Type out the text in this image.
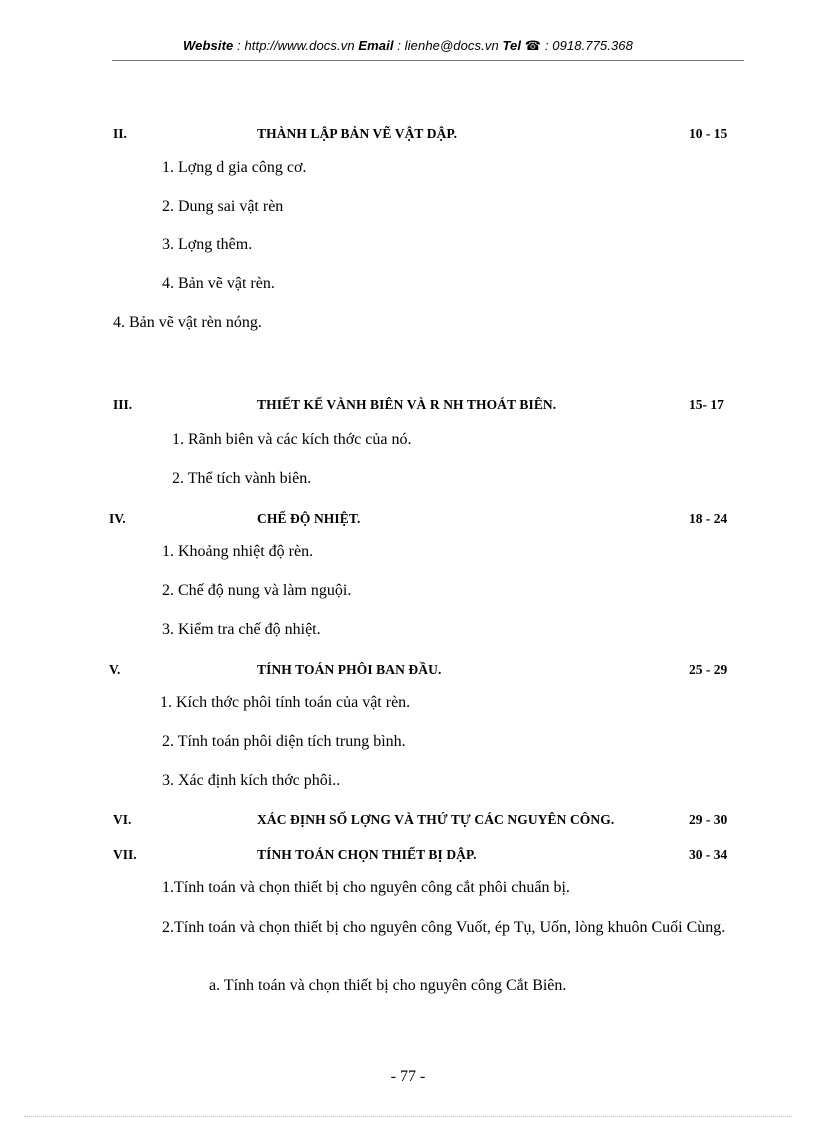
Website : http://www.docs.vn Email : lienhe@docs.vn Tel ☎ : 0918.775.368
II.	THÀNH LẬP BẢN VẼ VẬT DẬP.	10 - 15
1. Lợng d gia công cơ.
2. Dung sai vật rèn
3. Lợng thêm.
4. Bản vẽ vật rèn.
4. Bản vẽ vật rèn nóng.
III.	THIẾT KẾ VÀNH BIÊN VÀ R NH THOÁT BIÊN.	15- 17
1. Rãnh biên và các kích thớc của nó.
2. Thể tích vành biên.
IV.	CHẾ ĐỘ NHIỆT.	18 - 24
1. Khoảng nhiệt độ rèn.
2. Chế độ nung và làm nguội.
3. Kiểm tra chế độ nhiệt.
V.	TÍNH TOÁN PHÔI BAN ĐẦU.	25 - 29
1. Kích thớc phôi tính toán của vật rèn.
2. Tính toán phôi diện tích trung bình.
3. Xác định kích thớc phôi..
VI.	XÁC ĐỊNH SỐ LỢNG VÀ THỨ TỰ CÁC NGUYÊN CÔNG.	29 - 30
VII.	TÍNH TOÁN CHỌN THIẾT BỊ DẬP.	30 - 34
1.Tính toán và chọn thiết bị cho nguyên công cắt phôi chuẩn bị.
2.Tính toán và chọn thiết bị cho nguyên công Vuốt, ép Tụ, Uốn, lòng khuôn Cuối Cùng.
a. Tính toán và chọn thiết bị cho nguyên công Cắt Biên.
- 77 -
